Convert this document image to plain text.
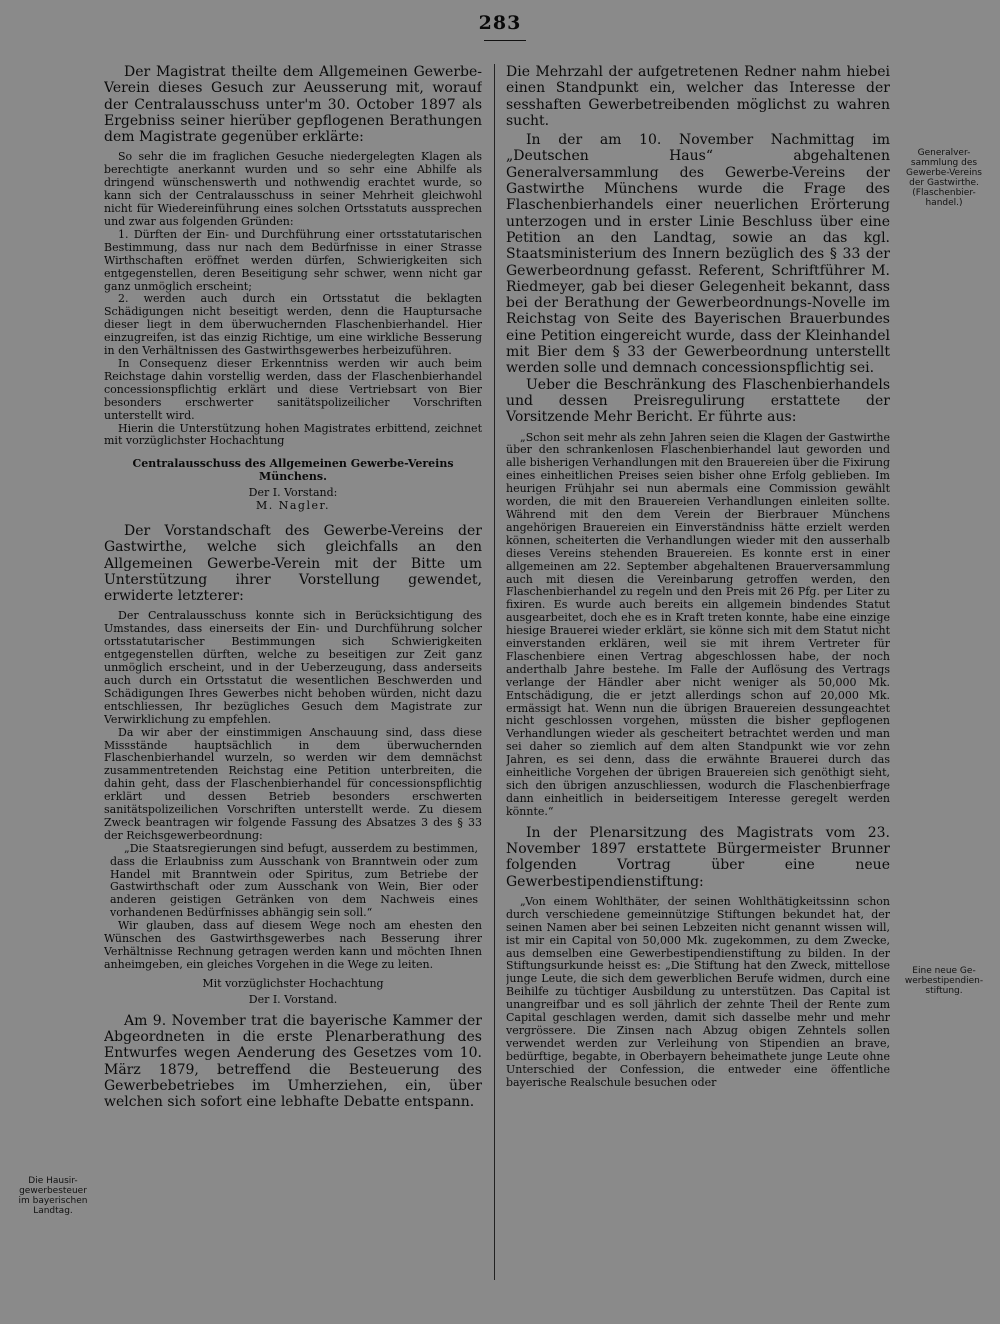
283

Der Magistrat theilte dem Allgemeinen Gewerbe-Verein dieses Gesuch zur Aeusserung mit, worauf der Centralausschuss unter'm 30. October 1897 als Ergebniss seiner hierüber gepflogenen Berathungen dem Magistrate gegenüber erklärte:

So sehr die im fraglichen Gesuche niedergelegten Klagen als berechtigte anerkannt wurden und so sehr eine Abhilfe als dringend wünschenswerth und nothwendig erachtet wurde, so kann sich der Centralausschuss in seiner Mehrheit gleichwohl nicht für Wiedereinführung eines solchen Ortsstatuts aussprechen und zwar aus folgenden Gründen:

1. Dürften der Ein- und Durchführung einer ortsstatutarischen Bestimmung, dass nur nach dem Bedürfnisse in einer Strasse Wirthschaften eröffnet werden dürfen, Schwierigkeiten sich entgegenstellen, deren Beseitigung sehr schwer, wenn nicht gar ganz unmöglich erscheint;

2. werden auch durch ein Ortsstatut die beklagten Schädigungen nicht beseitigt werden, denn die Hauptursache dieser liegt in dem überwuchernden Flaschenbierhandel. Hier einzugreifen, ist das einzig Richtige, um eine wirkliche Besserung in den Verhältnissen des Gastwirthsgewerbes herbeizuführen.

In Consequenz dieser Erkenntniss werden wir auch beim Reichstage dahin vorstellig werden, dass der Flaschenbierhandel concessionspflichtig erklärt und diese Vertriebsart von Bier besonders erschwerter sanitätspolizeilicher Vorschriften unterstellt wird.

Hierin die Unterstützung hohen Magistrates erbittend, zeichnet mit vorzüglichster Hochachtung

Centralausschuss des Allgemeinen Gewerbe-Vereins Münchens.

Der I. Vorstand:

M. Nagler.

Der Vorstandschaft des Gewerbe-Vereins der Gastwirthe, welche sich gleichfalls an den Allgemeinen Gewerbe-Verein mit der Bitte um Unterstützung ihrer Vorstellung gewendet, erwiderte letzterer:

Der Centralausschuss konnte sich in Berücksichtigung des Umstandes, dass einerseits der Ein- und Durchführung solcher ortsstatutarischer Bestimmungen sich Schwierigkeiten entgegenstellen dürften, welche zu beseitigen zur Zeit ganz unmöglich erscheint, und in der Ueberzeugung, dass anderseits auch durch ein Ortsstatut die wesentlichen Beschwerden und Schädigungen Ihres Gewerbes nicht behoben würden, nicht dazu entschliessen, Ihr bezügliches Gesuch dem Magistrate zur Verwirklichung zu empfehlen.

Da wir aber der einstimmigen Anschauung sind, dass diese Missstände hauptsächlich in dem überwuchernden Flaschenbierhandel wurzeln, so werden wir dem demnächst zusammentretenden Reichstag eine Petition unterbreiten, die dahin geht, dass der Flaschenbierhandel für concessionspflichtig erklärt und dessen Betrieb besonders erschwerten sanitätspolizeilichen Vorschriften unterstellt werde. Zu diesem Zweck beantragen wir folgende Fassung des Absatzes 3 des § 33 der Reichsgewerbeordnung:

„Die Staatsregierungen sind befugt, ausserdem zu bestimmen, dass die Erlaubniss zum Ausschank von Branntwein oder zum Handel mit Branntwein oder Spiritus, zum Betriebe der Gastwirthschaft oder zum Ausschank von Wein, Bier oder anderen geistigen Getränken von dem Nachweis eines vorhandenen Bedürfnisses abhängig sein soll.“

Wir glauben, dass auf diesem Wege noch am ehesten den Wünschen des Gastwirthsgewerbes nach Besserung ihrer Verhältnisse Rechnung getragen werden kann und möchten Ihnen anheimgeben, ein gleiches Vorgehen in die Wege zu leiten.

Mit vorzüglichster Hochachtung

Der I. Vorstand.

Am 9. November trat die bayerische Kammer der Abgeordneten in die erste Plenarberathung des Entwurfes wegen Aenderung des Gesetzes vom 10. März 1879, betreffend die Besteuerung des Gewerbebetriebes im Umherziehen, ein, über welchen sich sofort eine lebhafte Debatte entspann.

Die Mehrzahl der aufgetretenen Redner nahm hiebei einen Standpunkt ein, welcher das Interesse der sesshaften Gewerbetreibenden möglichst zu wahren sucht.

In der am 10. November Nachmittag im „Deutschen Haus“ abgehaltenen Generalversammlung des Gewerbe-Vereins der Gastwirthe Münchens wurde die Frage des Flaschenbierhandels einer neuerlichen Erörterung unterzogen und in erster Linie Beschluss über eine Petition an den Landtag, sowie an das kgl. Staatsministerium des Innern bezüglich des § 33 der Gewerbeordnung gefasst. Referent, Schriftführer M. Riedmeyer, gab bei dieser Gelegenheit bekannt, dass bei der Berathung der Gewerbeordnungs-Novelle im Reichstag von Seite des Bayerischen Brauerbundes eine Petition eingereicht wurde, dass der Kleinhandel mit Bier dem § 33 der Gewerbeordnung unterstellt werden solle und demnach concessionspflichtig sei.

Ueber die Beschränkung des Flaschenbierhandels und dessen Preisregulirung erstattete der Vorsitzende Mehr Bericht. Er führte aus:

„Schon seit mehr als zehn Jahren seien die Klagen der Gastwirthe über den schrankenlosen Flaschenbierhandel laut geworden und alle bisherigen Verhandlungen mit den Brauereien über die Fixirung eines einheitlichen Preises seien bisher ohne Erfolg geblieben. Im heurigen Frühjahr sei nun abermals eine Commission gewählt worden, die mit den Brauereien Verhandlungen einleiten sollte. Während mit den dem Verein der Bierbrauer Münchens angehörigen Brauereien ein Einverständniss hätte erzielt werden können, scheiterten die Verhandlungen wieder mit den ausserhalb dieses Vereins stehenden Brauereien. Es konnte erst in einer allgemeinen am 22. September abgehaltenen Brauerversammlung auch mit diesen die Vereinbarung getroffen werden, den Flaschenbierhandel zu regeln und den Preis mit 26 Pfg. per Liter zu fixiren. Es wurde auch bereits ein allgemein bindendes Statut ausgearbeitet, doch ehe es in Kraft treten konnte, habe eine einzige hiesige Brauerei wieder erklärt, sie könne sich mit dem Statut nicht einverstanden erklären, weil sie mit ihrem Vertreter für Flaschenbiere einen Vertrag abgeschlossen habe, der noch anderthalb Jahre bestehe. Im Falle der Auflösung des Vertrags verlange der Händler aber nicht weniger als 50,000 Mk. Entschädigung, die er jetzt allerdings schon auf 20,000 Mk. ermässigt hat. Wenn nun die übrigen Brauereien dessungeachtet nicht geschlossen vorgehen, müssten die bisher gepflogenen Verhandlungen wieder als gescheitert betrachtet werden und man sei daher so ziemlich auf dem alten Standpunkt wie vor zehn Jahren, es sei denn, dass die erwähnte Brauerei durch das einheitliche Vorgehen der übrigen Brauereien sich genöthigt sieht, sich den übrigen anzuschliessen, wodurch die Flaschenbierfrage dann einheitlich in beiderseitigem Interesse geregelt werden könnte.“

In der Plenarsitzung des Magistrats vom 23. November 1897 erstattete Bürgermeister Brunner folgenden Vortrag über eine neue Gewerbestipendienstiftung:

„Von einem Wohlthäter, der seinen Wohlthätigkeitssinn schon durch verschiedene gemeinnützige Stiftungen bekundet hat, der seinen Namen aber bei seinen Lebzeiten nicht genannt wissen will, ist mir ein Capital von 50,000 Mk. zugekommen, zu dem Zwecke, aus demselben eine Gewerbestipendienstiftung zu bilden. In der Stiftungsurkunde heisst es: „Die Stiftung hat den Zweck, mittellose junge Leute, die sich dem gewerblichen Berufe widmen, durch eine Beihilfe zu tüchtiger Ausbildung zu unterstützen. Das Capital ist unangreifbar und es soll jährlich der zehnte Theil der Rente zum Capital geschlagen werden, damit sich dasselbe mehr und mehr vergrössere. Die Zinsen nach Abzug obigen Zehntels sollen verwendet werden zur Verleihung von Stipendien an brave, bedürftige, begabte, in Oberbayern beheimathete junge Leute ohne Unterschied der Confession, die entweder eine öffentliche bayerische Realschule besuchen oder

Generalver-
sammlung des
Gewerbe-Vereins
der Gastwirthe.
(Flaschenbier-
handel.)
Eine neue Ge-
werbestipendien-
stiftung.
Die Hausir-
gewerbesteuer
im bayerischen
Landtag.
